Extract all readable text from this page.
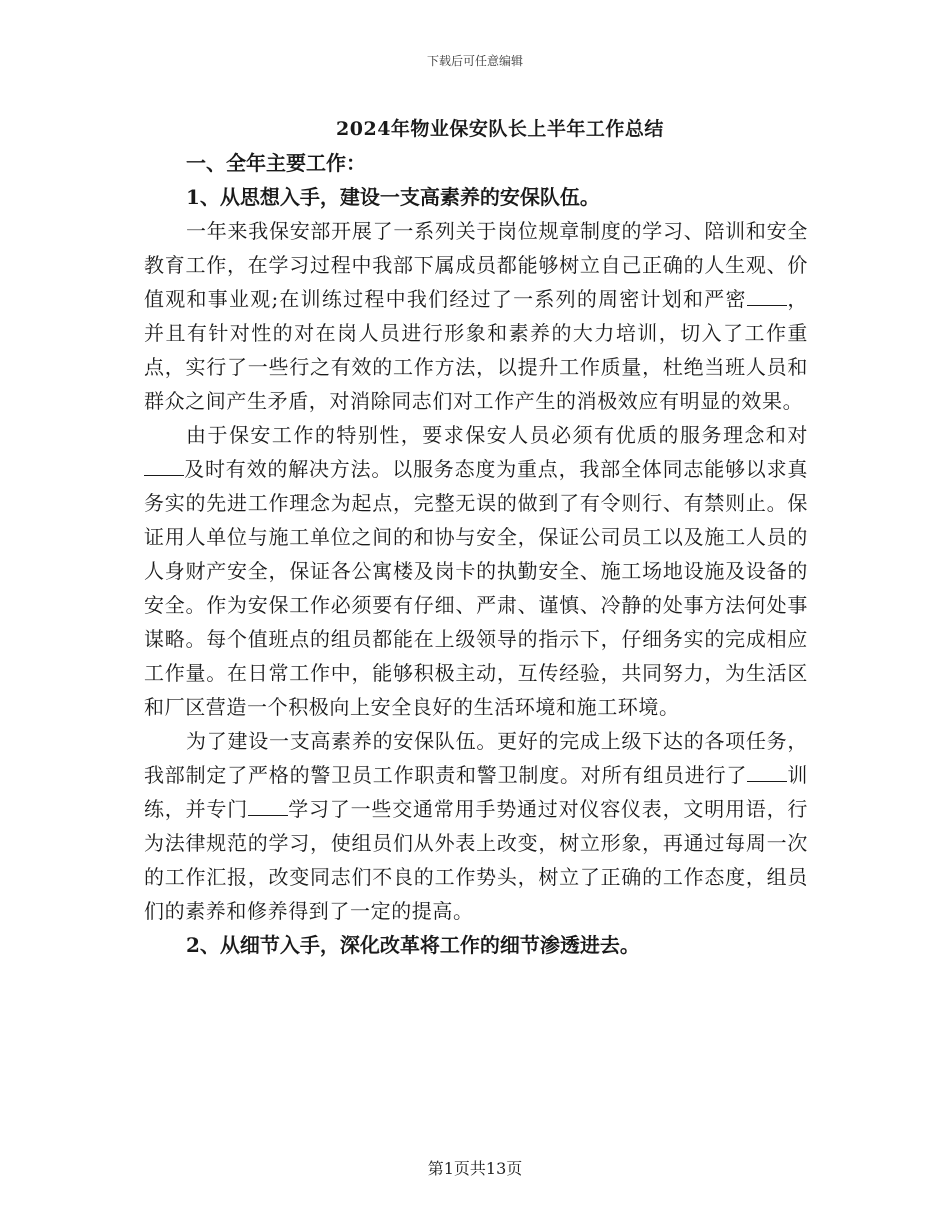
下载后可任意编辑
2024年物业保安队长上半年工作总结

一、全年主要工作：

1、从思想入手，建设一支高素养的安保队伍。

一年来我保安部开展了一系列关于岗位规章制度的学习、陪训和安全教育工作，在学习过程中我部下属成员都能够树立自己正确的人生观、价值观和事业观;在训练过程中我们经过了一系列的周密计划和严密 ，并且有针对性的对在岗人员进行形象和素养的大力培训，切入了工作重点，实行了一些行之有效的工作方法，以提升工作质量，杜绝当班人员和群众之间产生矛盾，对消除同志们对工作产生的消极效应有明显的效果。

由于保安工作的特别性，要求保安人员必须有优质的服务理念和对及时有效的解决方法。以服务态度为重点，我部全体同志能够以求真务实的先进工作理念为起点，完整无误的做到了有令则行、有禁则止。保证用人单位与施工单位之间的和协与安全，保证公司员工以及施工人员的人身财产安全，保证各公寓楼及岗卡的执勤安全、施工场地设施及设备的安全。作为安保工作必须要有仔细、严肃、谨慎、冷静的处事方法何处事谋略。每个值班点的组员都能在上级领导的指示下，仔细务实的完成相应工作量。在日常工作中，能够积极主动，互传经验，共同努力，为生活区和厂区营造一个积极向上安全良好的生活环境和施工环境。

为了建设一支高素养的安保队伍。更好的完成上级下达的各项任务，我部制定了严格的警卫员工作职责和警卫制度。对所有组员进行了 训练，并专门 学习了一些交通常用手势通过对仪容仪表，文明用语，行为法律规范的学习，使组员们从外表上改变，树立形象，再通过每周一次的工作汇报，改变同志们不良的工作势头，树立了正确的工作态度，组员们的素养和修养得到了一定的提高。

2、从细节入手，深化改革将工作的细节渗透进去。

第1页共13页
